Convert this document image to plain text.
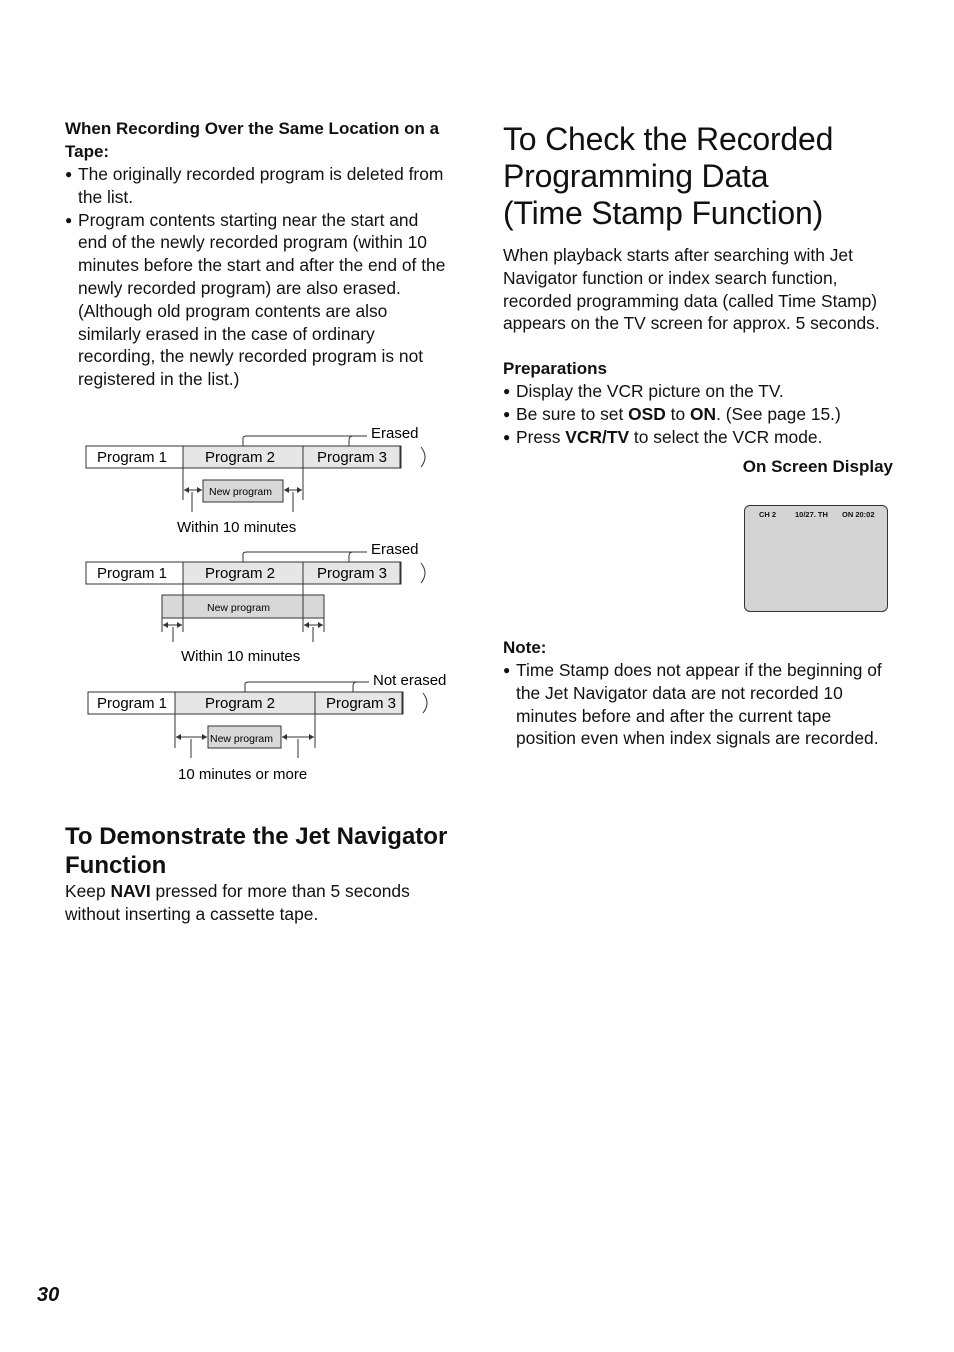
When Recording Over the Same Location on a Tape:

● The originally recorded program is deleted from the list.

● Program contents starting near the start and end of the newly recorded program (within 10 minutes before the start and after the end of the newly recorded program) are also erased.
(Although old program contents are also similarly erased in the case of ordinary recording, the newly recorded program is not registered in the list.)

Program 1	Program 2	Program 3
Erased
New program
Within 10 minutes
Program 1	Program 2	Program 3
Erased
New program
Within 10 minutes
Program 1	Program 2	Program 3
Not erased
New program
10 minutes or more

To Demonstrate the Jet Navigator Function

Keep NAVI pressed for more than 5 seconds without inserting a cassette tape.

To Check the Recorded
Programming Data
(Time Stamp Function)

When playback starts after searching with Jet Navigator function or index search function, recorded programming data (called Time Stamp) appears on the TV screen for approx. 5 seconds.

Preparations

● Display the VCR picture on the TV.

● Be sure to set OSD to ON. (See page 15.)

● Press VCR/TV to select the VCR mode.

On Screen Display
CH 2	10/27. TH ON 20:02

Note:

● Time Stamp does not appear if the beginning of the Jet Navigator data are not recorded 10 minutes before and after the current tape position even when index signals are recorded.

30
